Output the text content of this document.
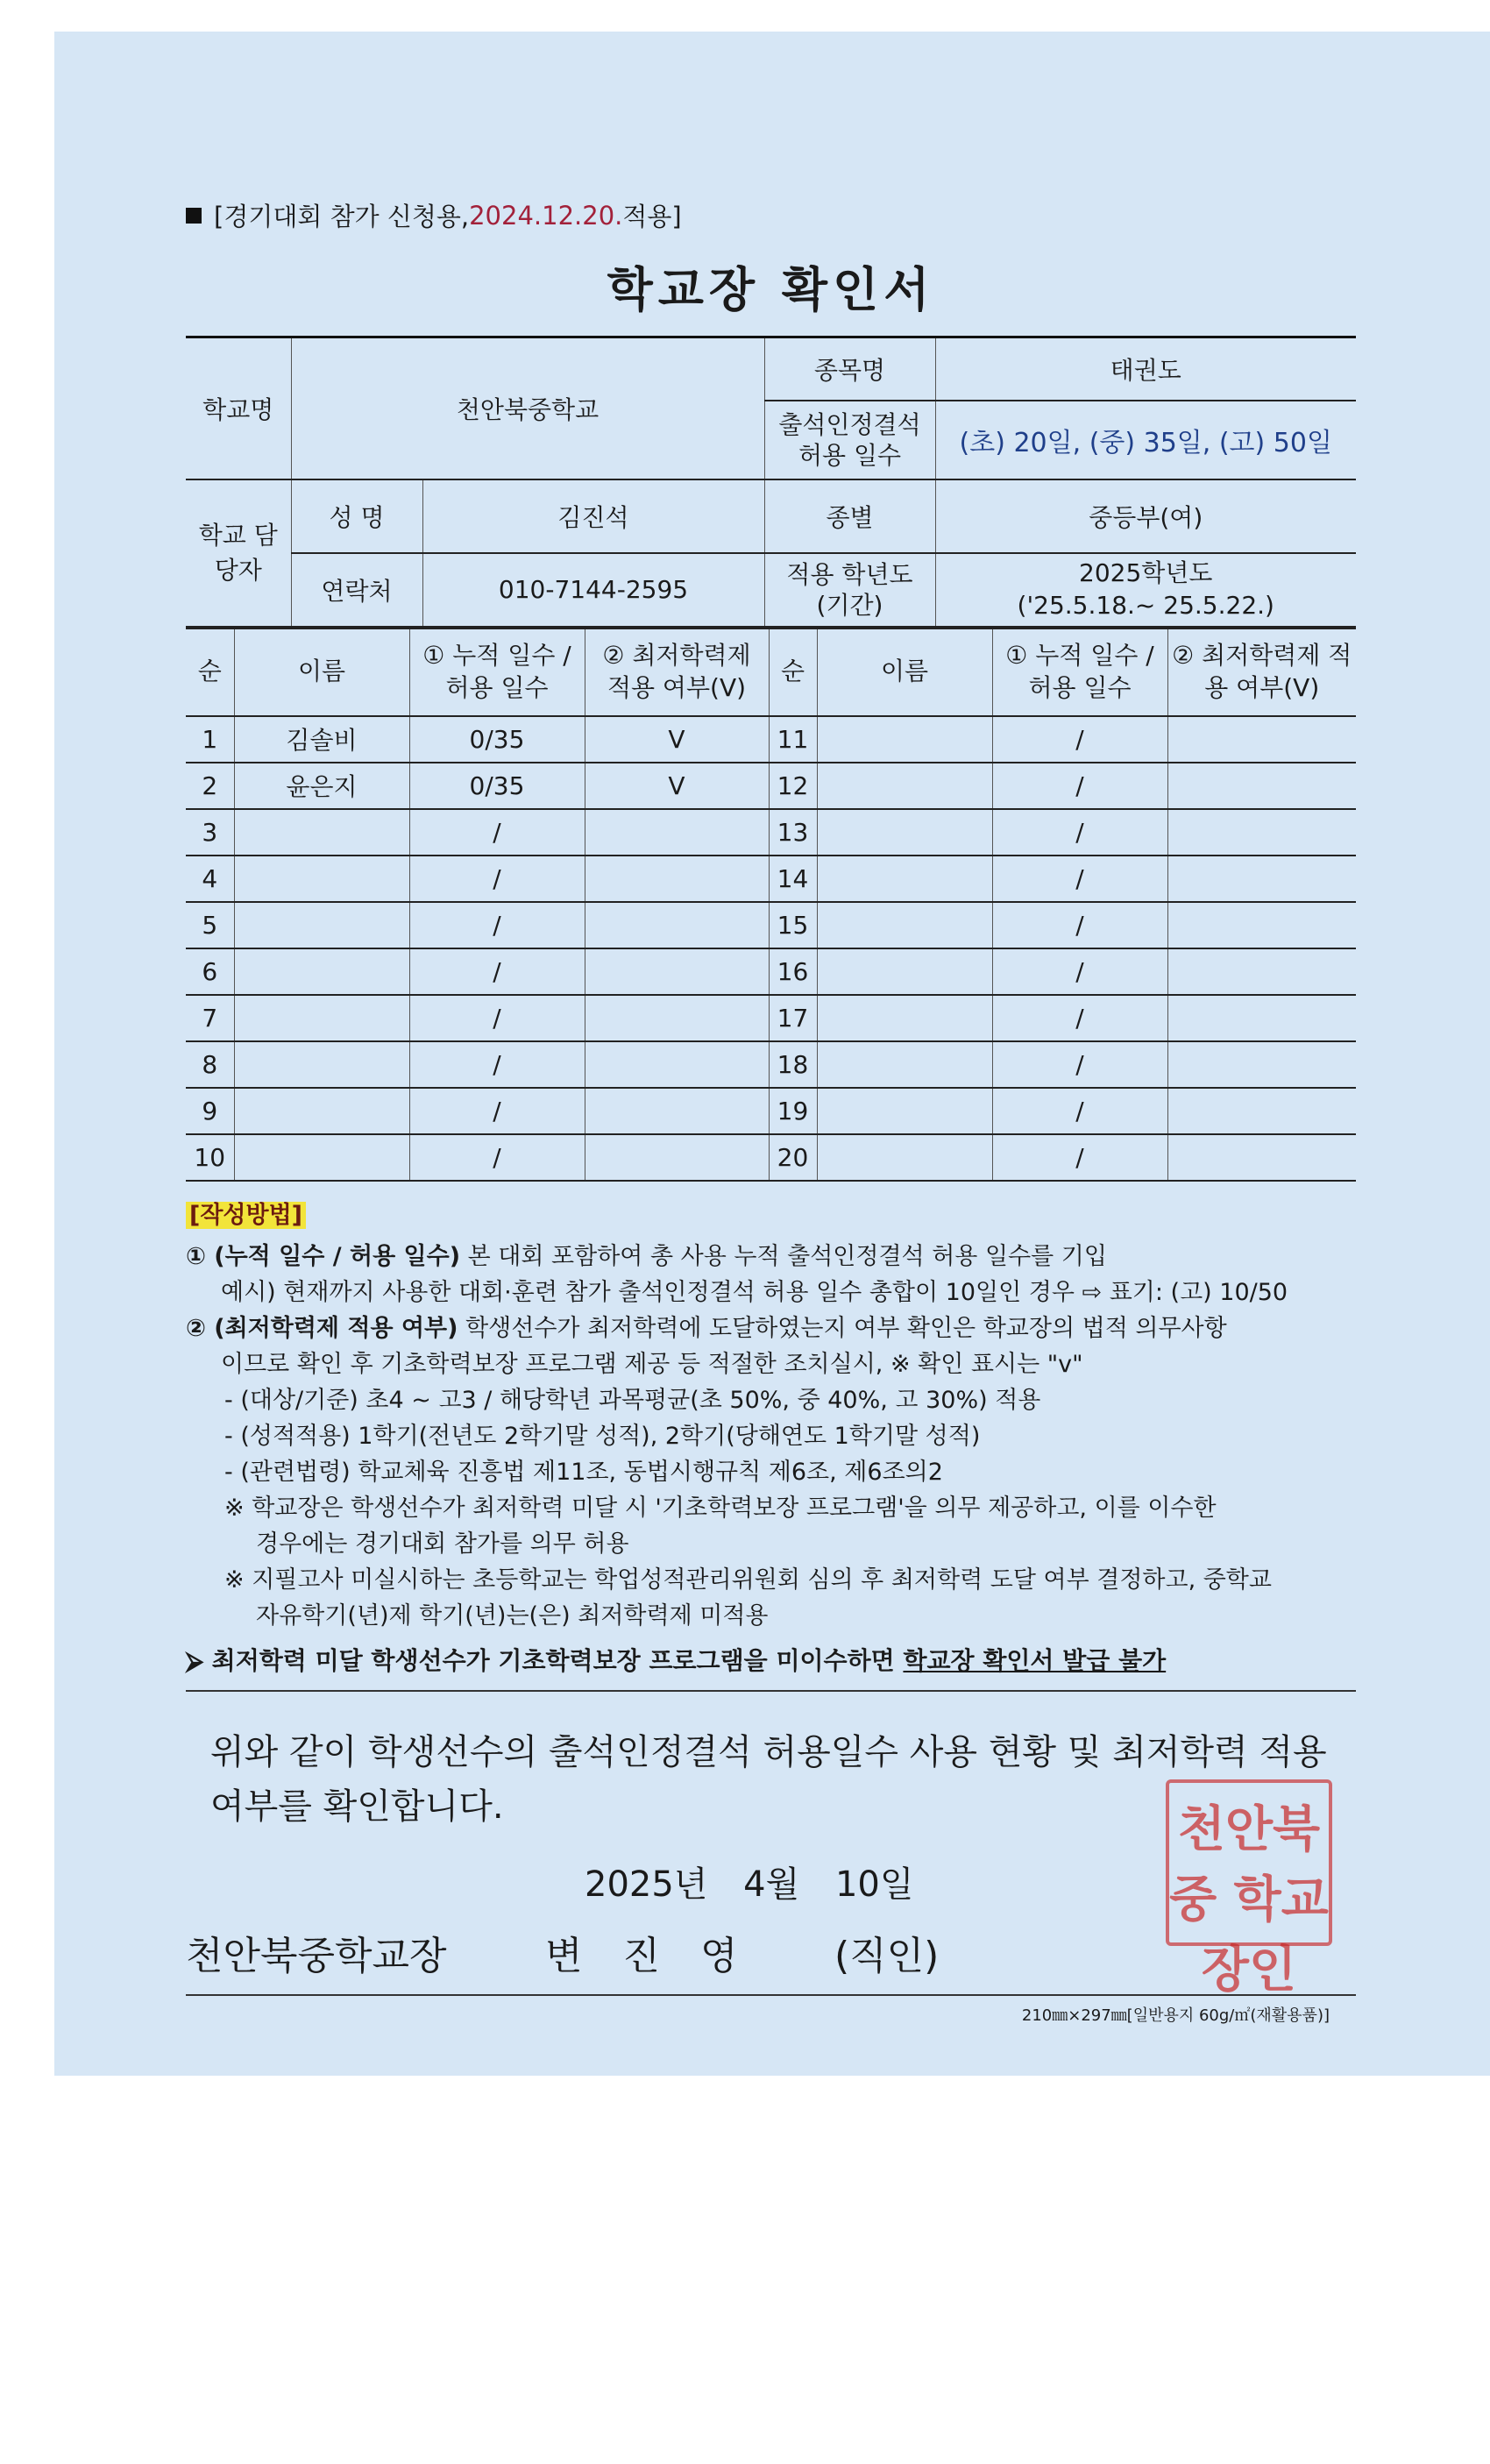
[경기대회 참가 신청용, 2024.12.20. 적용]
학교장 확인서
학교명	천안북중학교		종목명	태권도
			출석인정결석 허용 일수	(초) 20일, (중) 35일, (고) 50일
학교 담당자	성 명	김진석	종별	중등부(여)
	연락처	010-7144-2595	적용 학년도 (기간)	2025학년도
('25.5.18.~ 25.5.22.)
순	이름	① 누적 일수 / 허용 일수	② 최저학력제 적용 여부(V)	순	이름	① 누적 일수 / 허용 일수	② 최저학력제 적용 여부(V)
1	김솔비	0/35	V	11		/	
2	윤은지	0/35	V	12		/	
3		/		13		/	
4		/		14		/	
5		/		15		/	
6		/		16		/	
7		/		17		/	
8		/		18		/	
9		/		19		/	
10		/		20		/	
[작성방법]

① (누적 일수 / 허용 일수) 본 대회 포함하여 총 사용 누적 출석인정결석 허용 일수를 기입

예시) 현재까지 사용한 대회·훈련 참가 출석인정결석 허용 일수 총합이 10일인 경우 ⇨ 표기: (고) 10/50

② (최저학력제 적용 여부) 학생선수가 최저학력에 도달하였는지 여부 확인은 학교장의 법적 의무사항

이므로 확인 후 기초학력보장 프로그램 제공 등 적절한 조치실시, ※ 확인 표시는 "v"

- (대상/기준) 초4 ~ 고3 / 해당학년 과목평균(초 50%, 중 40%, 고 30%) 적용

- (성적적용) 1학기(전년도 2학기말 성적), 2학기(당해연도 1학기말 성적)

- (관련법령) 학교체육 진흥법 제11조, 동법시행규칙 제6조, 제6조의2

※ 학교장은 학생선수가 최저학력 미달 시 '기초학력보장 프로그램'을 의무 제공하고, 이를 이수한

경우에는 경기대회 참가를 의무 허용

※ 지필고사 미실시하는 초등학교는 학업성적관리위원회 심의 후 최저학력 도달 여부 결정하고, 중학교

자유학기(년)제 학기(년)는(은) 최저학력제 미적용

⮚ 최저학력 미달 학생선수가 기초학력보장 프로그램을 미이수하면 학교장 확인서 발급 불가
위와 같이 학생선수의 출석인정결석 허용일수 사용 현황 및 최저학력 적용 여부를 확인합니다.
2025년 4월 10일
천안북중학교장	변 진 영 (직인)
210㎜×297㎜[일반용지 60g/㎡(재활용품)]
천안북중 학교장인
